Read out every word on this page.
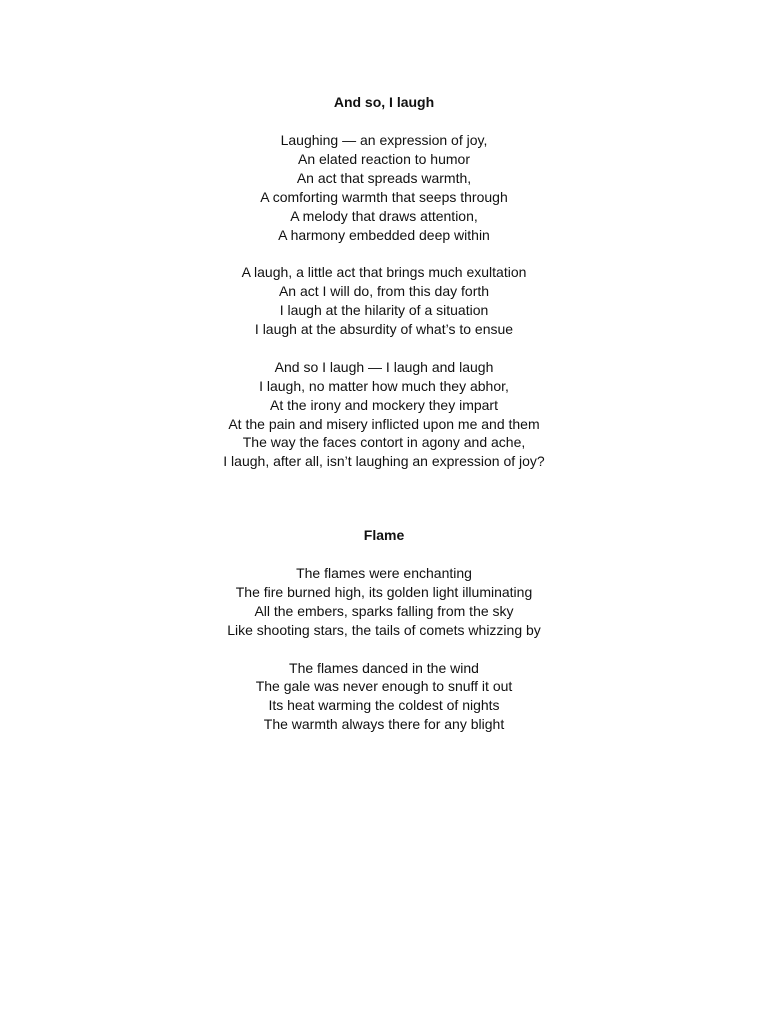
And so, I laugh

Laughing — an expression of joy,
An elated reaction to humor
An act that spreads warmth,
A comforting warmth that seeps through
A melody that draws attention,
A harmony embedded deep within

A laugh, a little act that brings much exultation
An act I will do, from this day forth
I laugh at the hilarity of a situation
I laugh at the absurdity of what’s to ensue

And so I laugh — I laugh and laugh
I laugh, no matter how much they abhor,
At the irony and mockery they impart
At the pain and misery inflicted upon me and them
The way the faces contort in agony and ache,
I laugh, after all, isn’t laughing an expression of joy?

Flame

The flames were enchanting
The fire burned high, its golden light illuminating
All the embers, sparks falling from the sky
Like shooting stars, the tails of comets whizzing by

The flames danced in the wind
The gale was never enough to snuff it out
Its heat warming the coldest of nights
The warmth always there for any blight
